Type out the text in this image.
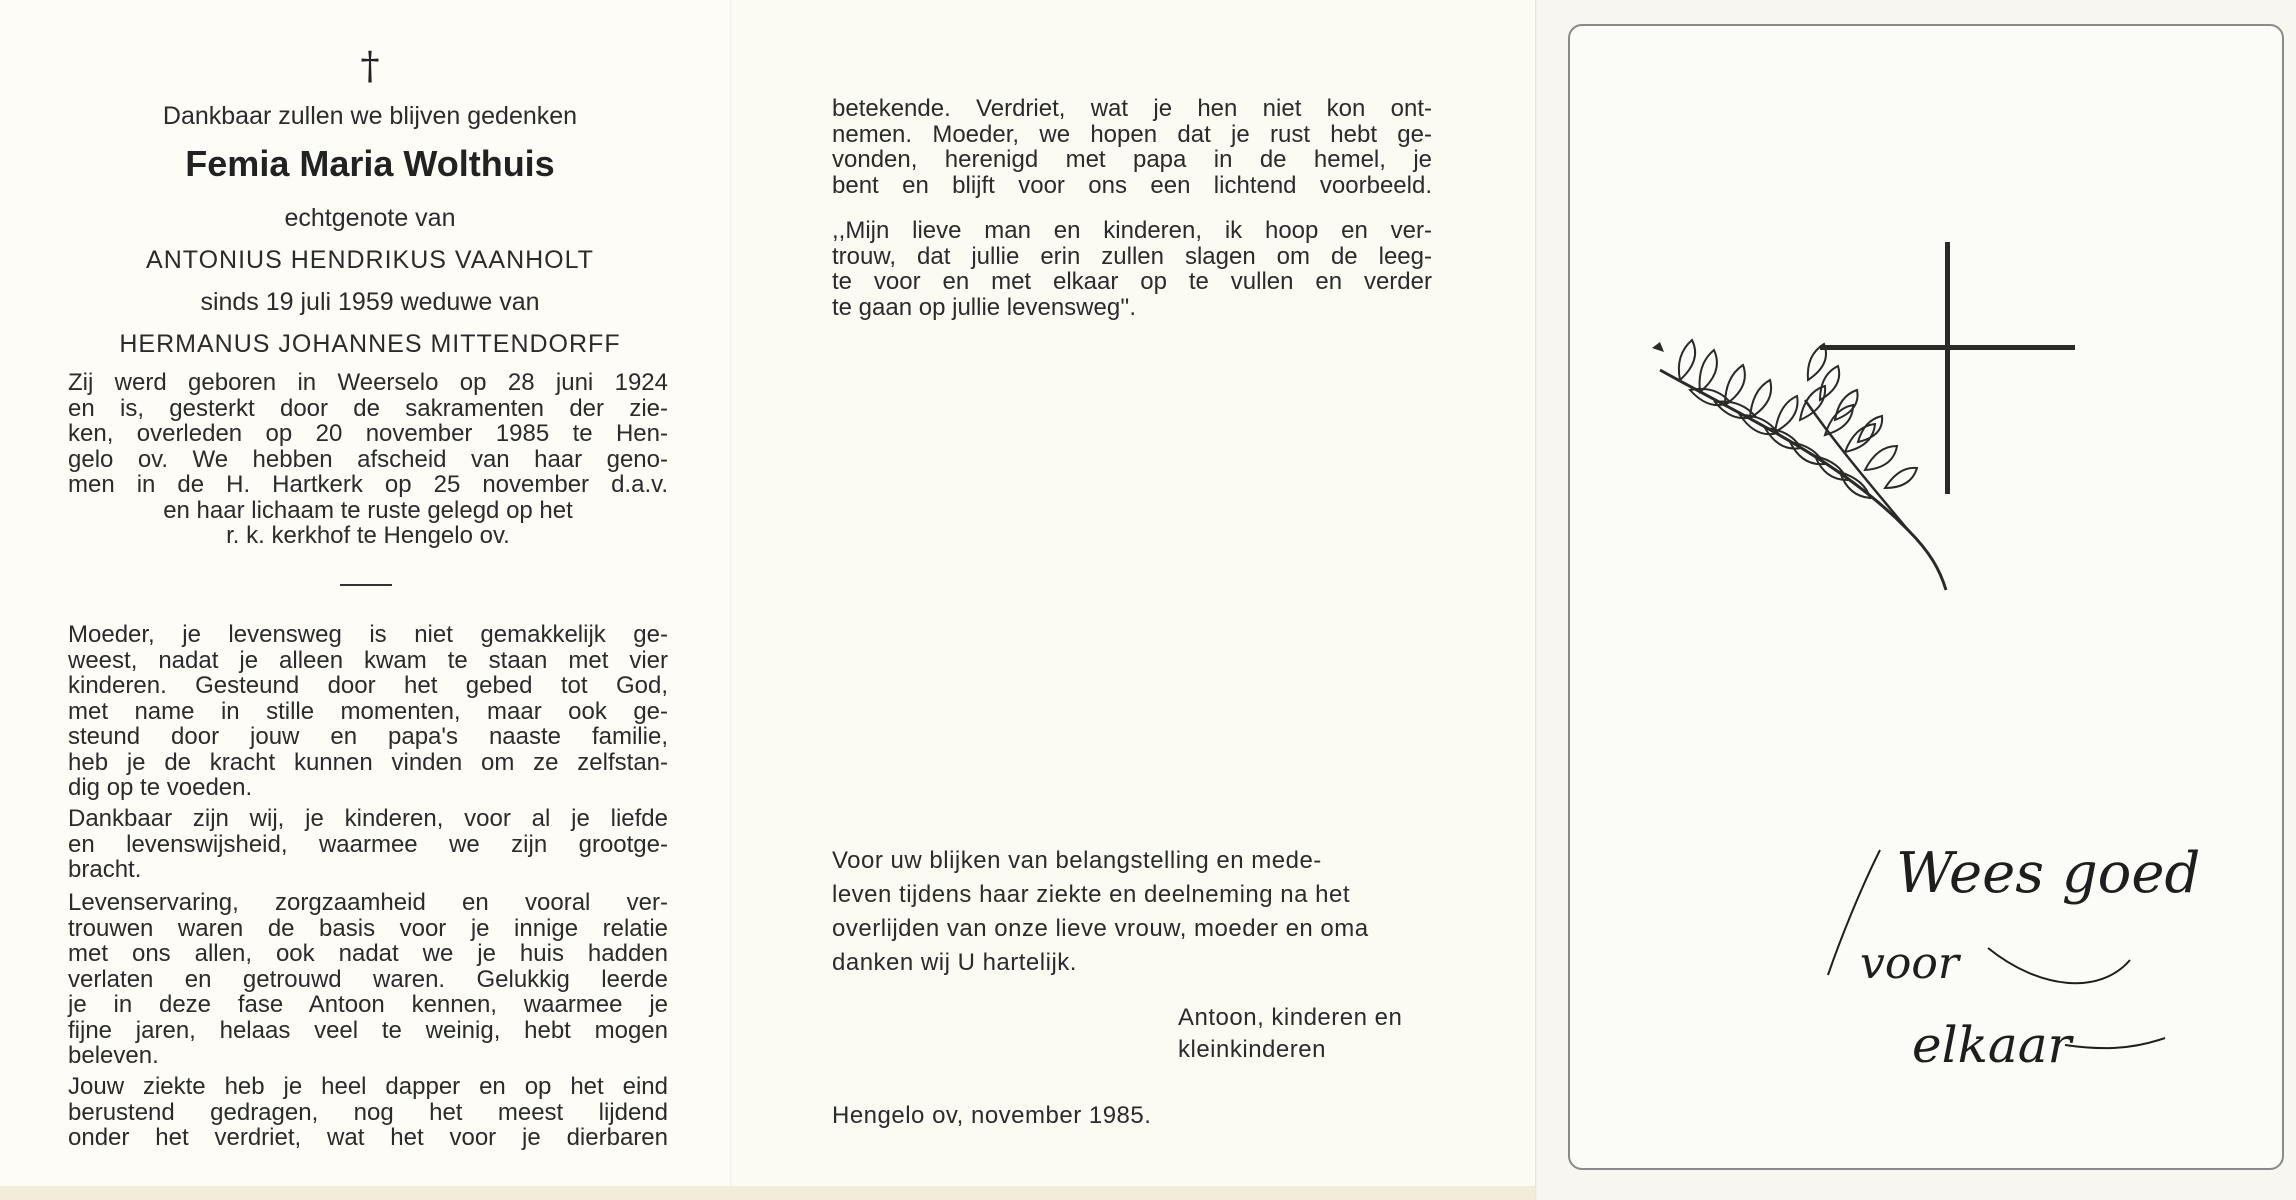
†
Dankbaar zullen we blijven gedenken
Femia Maria Wolthuis
echtgenote van
ANTONIUS HENDRIKUS VAANHOLT
sinds 19 juli 1959 weduwe van
HERMANUS JOHANNES MITTENDORFF
Zij werd geboren in Weerselo op 28 juni 1924
en is, gesterkt door de sakramenten der zie-
ken, overleden op 20 november 1985 te Hen-
gelo ov. We hebben afscheid van haar geno-
men in de H. Hartkerk op 25 november d.a.v.
en haar lichaam te ruste gelegd op het
r. k. kerkhof te Hengelo ov.
Moeder, je levensweg is niet gemakkelijk ge-
weest, nadat je alleen kwam te staan met vier
kinderen. Gesteund door het gebed tot God,
met name in stille momenten, maar ook ge-
steund door jouw en papa's naaste familie,
heb je de kracht kunnen vinden om ze zelfstan-
dig op te voeden.
Dankbaar zijn wij, je kinderen, voor al je liefde
en levenswijsheid, waarmee we zijn grootge-
bracht.
Levenservaring, zorgzaamheid en vooral ver-
trouwen waren de basis voor je innige relatie
met ons allen, ook nadat we je huis hadden
verlaten en getrouwd waren. Gelukkig leerde
je in deze fase Antoon kennen, waarmee je
fijne jaren, helaas veel te weinig, hebt mogen
beleven.
Jouw ziekte heb je heel dapper en op het eind
berustend gedragen, nog het meest lijdend
onder het verdriet, wat het voor je dierbaren
betekende. Verdriet, wat je hen niet kon ont-
nemen. Moeder, we hopen dat je rust hebt ge-
vonden, herenigd met papa in de hemel, je
bent en blijft voor ons een lichtend voorbeeld.
,,Mijn lieve man en kinderen, ik hoop en ver-
trouw, dat jullie erin zullen slagen om de leeg-
te voor en met elkaar op te vullen en verder
te gaan op jullie levensweg''.
Voor uw blijken van belangstelling en mede-
leven tijdens haar ziekte en deelneming na het
overlijden van onze lieve vrouw, moeder en oma
danken wij U hartelijk.
Antoon, kinderen en
kleinkinderen
Hengelo ov, november 1985.
Wees goed
voor
elkaar
